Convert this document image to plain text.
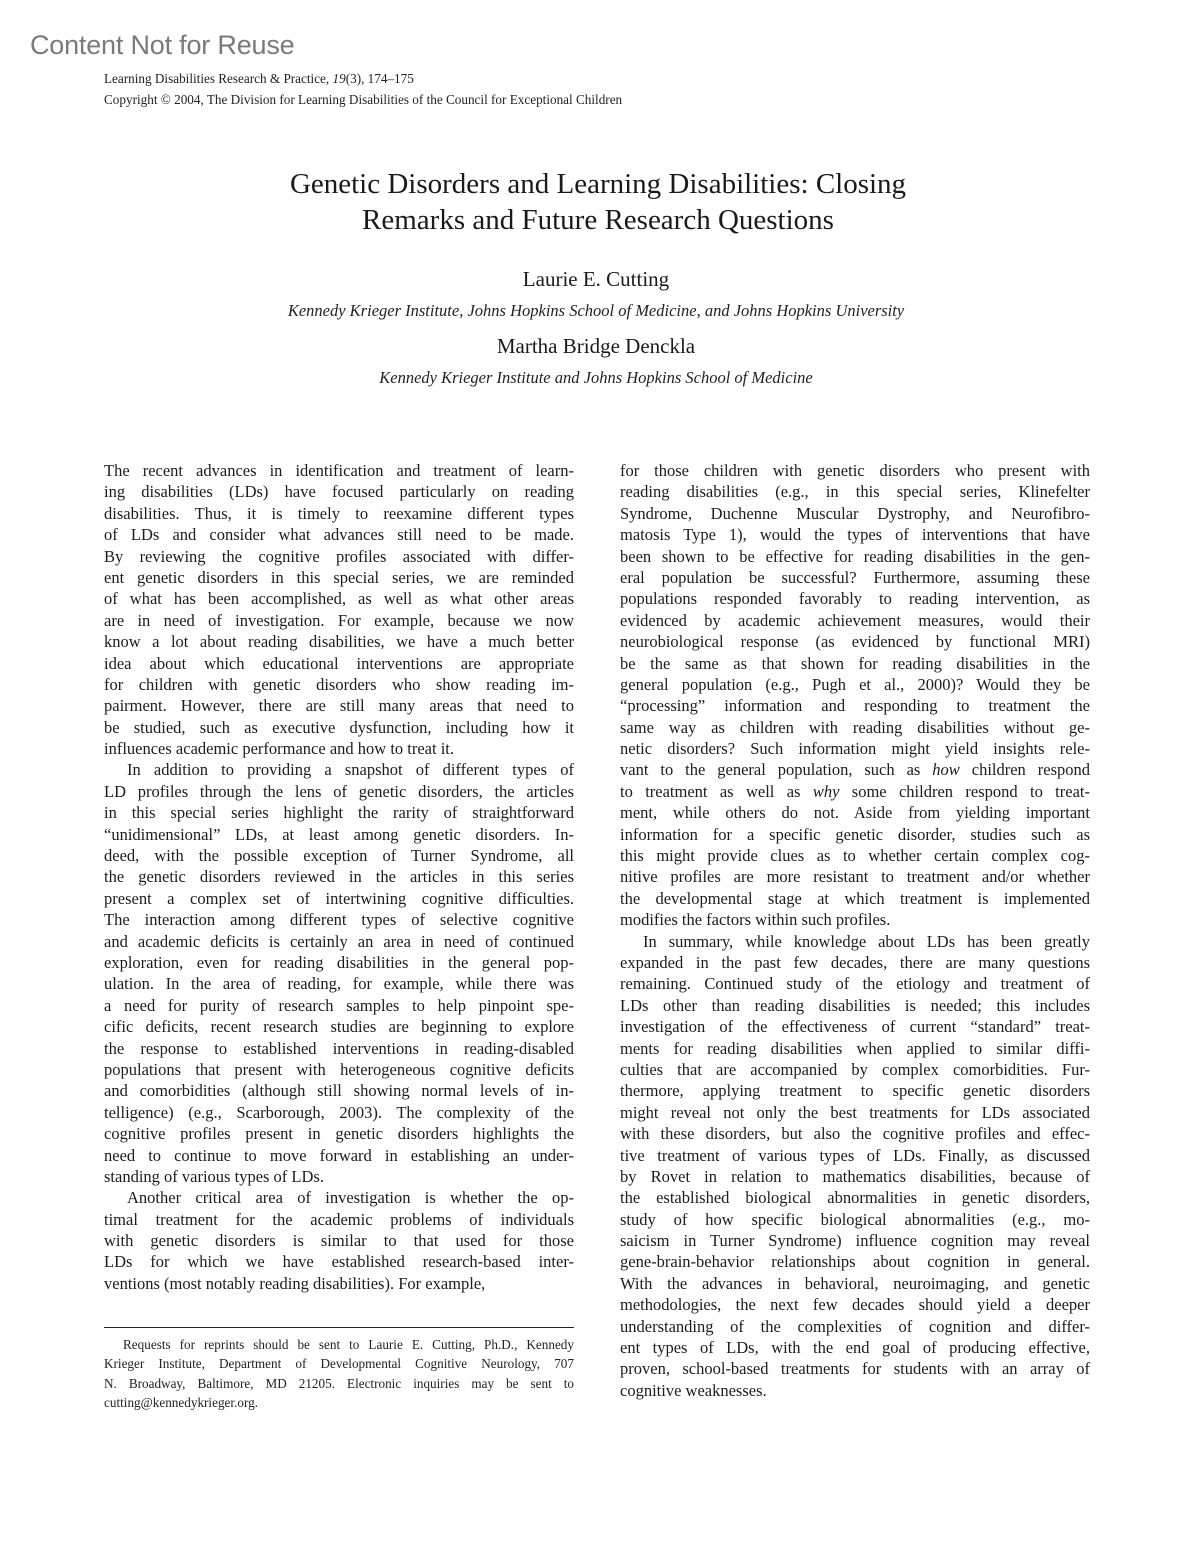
Content Not for Reuse
Learning Disabilities Research & Practice, 19(3), 174–175
Copyright © 2004, The Division for Learning Disabilities of the Council for Exceptional Children
Genetic Disorders and Learning Disabilities: Closing
Remarks and Future Research Questions
Laurie E. Cutting
Kennedy Krieger Institute, Johns Hopkins School of Medicine, and Johns Hopkins University
Martha Bridge Denckla
Kennedy Krieger Institute and Johns Hopkins School of Medicine
The recent advances in identification and treatment of learn-
ing disabilities (LDs) have focused particularly on reading
disabilities. Thus, it is timely to reexamine different types
of LDs and consider what advances still need to be made.
By reviewing the cognitive profiles associated with differ-
ent genetic disorders in this special series, we are reminded
of what has been accomplished, as well as what other areas
are in need of investigation. For example, because we now
know a lot about reading disabilities, we have a much better
idea about which educational interventions are appropriate
for children with genetic disorders who show reading im-
pairment. However, there are still many areas that need to
be studied, such as executive dysfunction, including how it
influences academic performance and how to treat it.
In addition to providing a snapshot of different types of
LD profiles through the lens of genetic disorders, the articles
in this special series highlight the rarity of straightforward
“unidimensional” LDs, at least among genetic disorders. In-
deed, with the possible exception of Turner Syndrome, all
the genetic disorders reviewed in the articles in this series
present a complex set of intertwining cognitive difficulties.
The interaction among different types of selective cognitive
and academic deficits is certainly an area in need of continued
exploration, even for reading disabilities in the general pop-
ulation. In the area of reading, for example, while there was
a need for purity of research samples to help pinpoint spe-
cific deficits, recent research studies are beginning to explore
the response to established interventions in reading-disabled
populations that present with heterogeneous cognitive deficits
and comorbidities (although still showing normal levels of in-
telligence) (e.g., Scarborough, 2003). The complexity of the
cognitive profiles present in genetic disorders highlights the
need to continue to move forward in establishing an under-
standing of various types of LDs.
Another critical area of investigation is whether the op-
timal treatment for the academic problems of individuals
with genetic disorders is similar to that used for those
LDs for which we have established research-based inter-
ventions (most notably reading disabilities). For example,
for those children with genetic disorders who present with
reading disabilities (e.g., in this special series, Klinefelter
Syndrome, Duchenne Muscular Dystrophy, and Neurofibro-
matosis Type 1), would the types of interventions that have
been shown to be effective for reading disabilities in the gen-
eral population be successful? Furthermore, assuming these
populations responded favorably to reading intervention, as
evidenced by academic achievement measures, would their
neurobiological response (as evidenced by functional MRI)
be the same as that shown for reading disabilities in the
general population (e.g., Pugh et al., 2000)? Would they be
“processing” information and responding to treatment the
same way as children with reading disabilities without ge-
netic disorders? Such information might yield insights rele-
vant to the general population, such as how children respond
to treatment as well as why some children respond to treat-
ment, while others do not. Aside from yielding important
information for a specific genetic disorder, studies such as
this might provide clues as to whether certain complex cog-
nitive profiles are more resistant to treatment and/or whether
the developmental stage at which treatment is implemented
modifies the factors within such profiles.
In summary, while knowledge about LDs has been greatly
expanded in the past few decades, there are many questions
remaining. Continued study of the etiology and treatment of
LDs other than reading disabilities is needed; this includes
investigation of the effectiveness of current “standard” treat-
ments for reading disabilities when applied to similar diffi-
culties that are accompanied by complex comorbidities. Fur-
thermore, applying treatment to specific genetic disorders
might reveal not only the best treatments for LDs associated
with these disorders, but also the cognitive profiles and effec-
tive treatment of various types of LDs. Finally, as discussed
by Rovet in relation to mathematics disabilities, because of
the established biological abnormalities in genetic disorders,
study of how specific biological abnormalities (e.g., mo-
saicism in Turner Syndrome) influence cognition may reveal
gene-brain-behavior relationships about cognition in general.
With the advances in behavioral, neuroimaging, and genetic
methodologies, the next few decades should yield a deeper
understanding of the complexities of cognition and differ-
ent types of LDs, with the end goal of producing effective,
proven, school-based treatments for students with an array of
cognitive weaknesses.
Requests for reprints should be sent to Laurie E. Cutting, Ph.D., Kennedy
Krieger Institute, Department of Developmental Cognitive Neurology, 707
N. Broadway, Baltimore, MD 21205. Electronic inquiries may be sent to
cutting@kennedykrieger.org.
